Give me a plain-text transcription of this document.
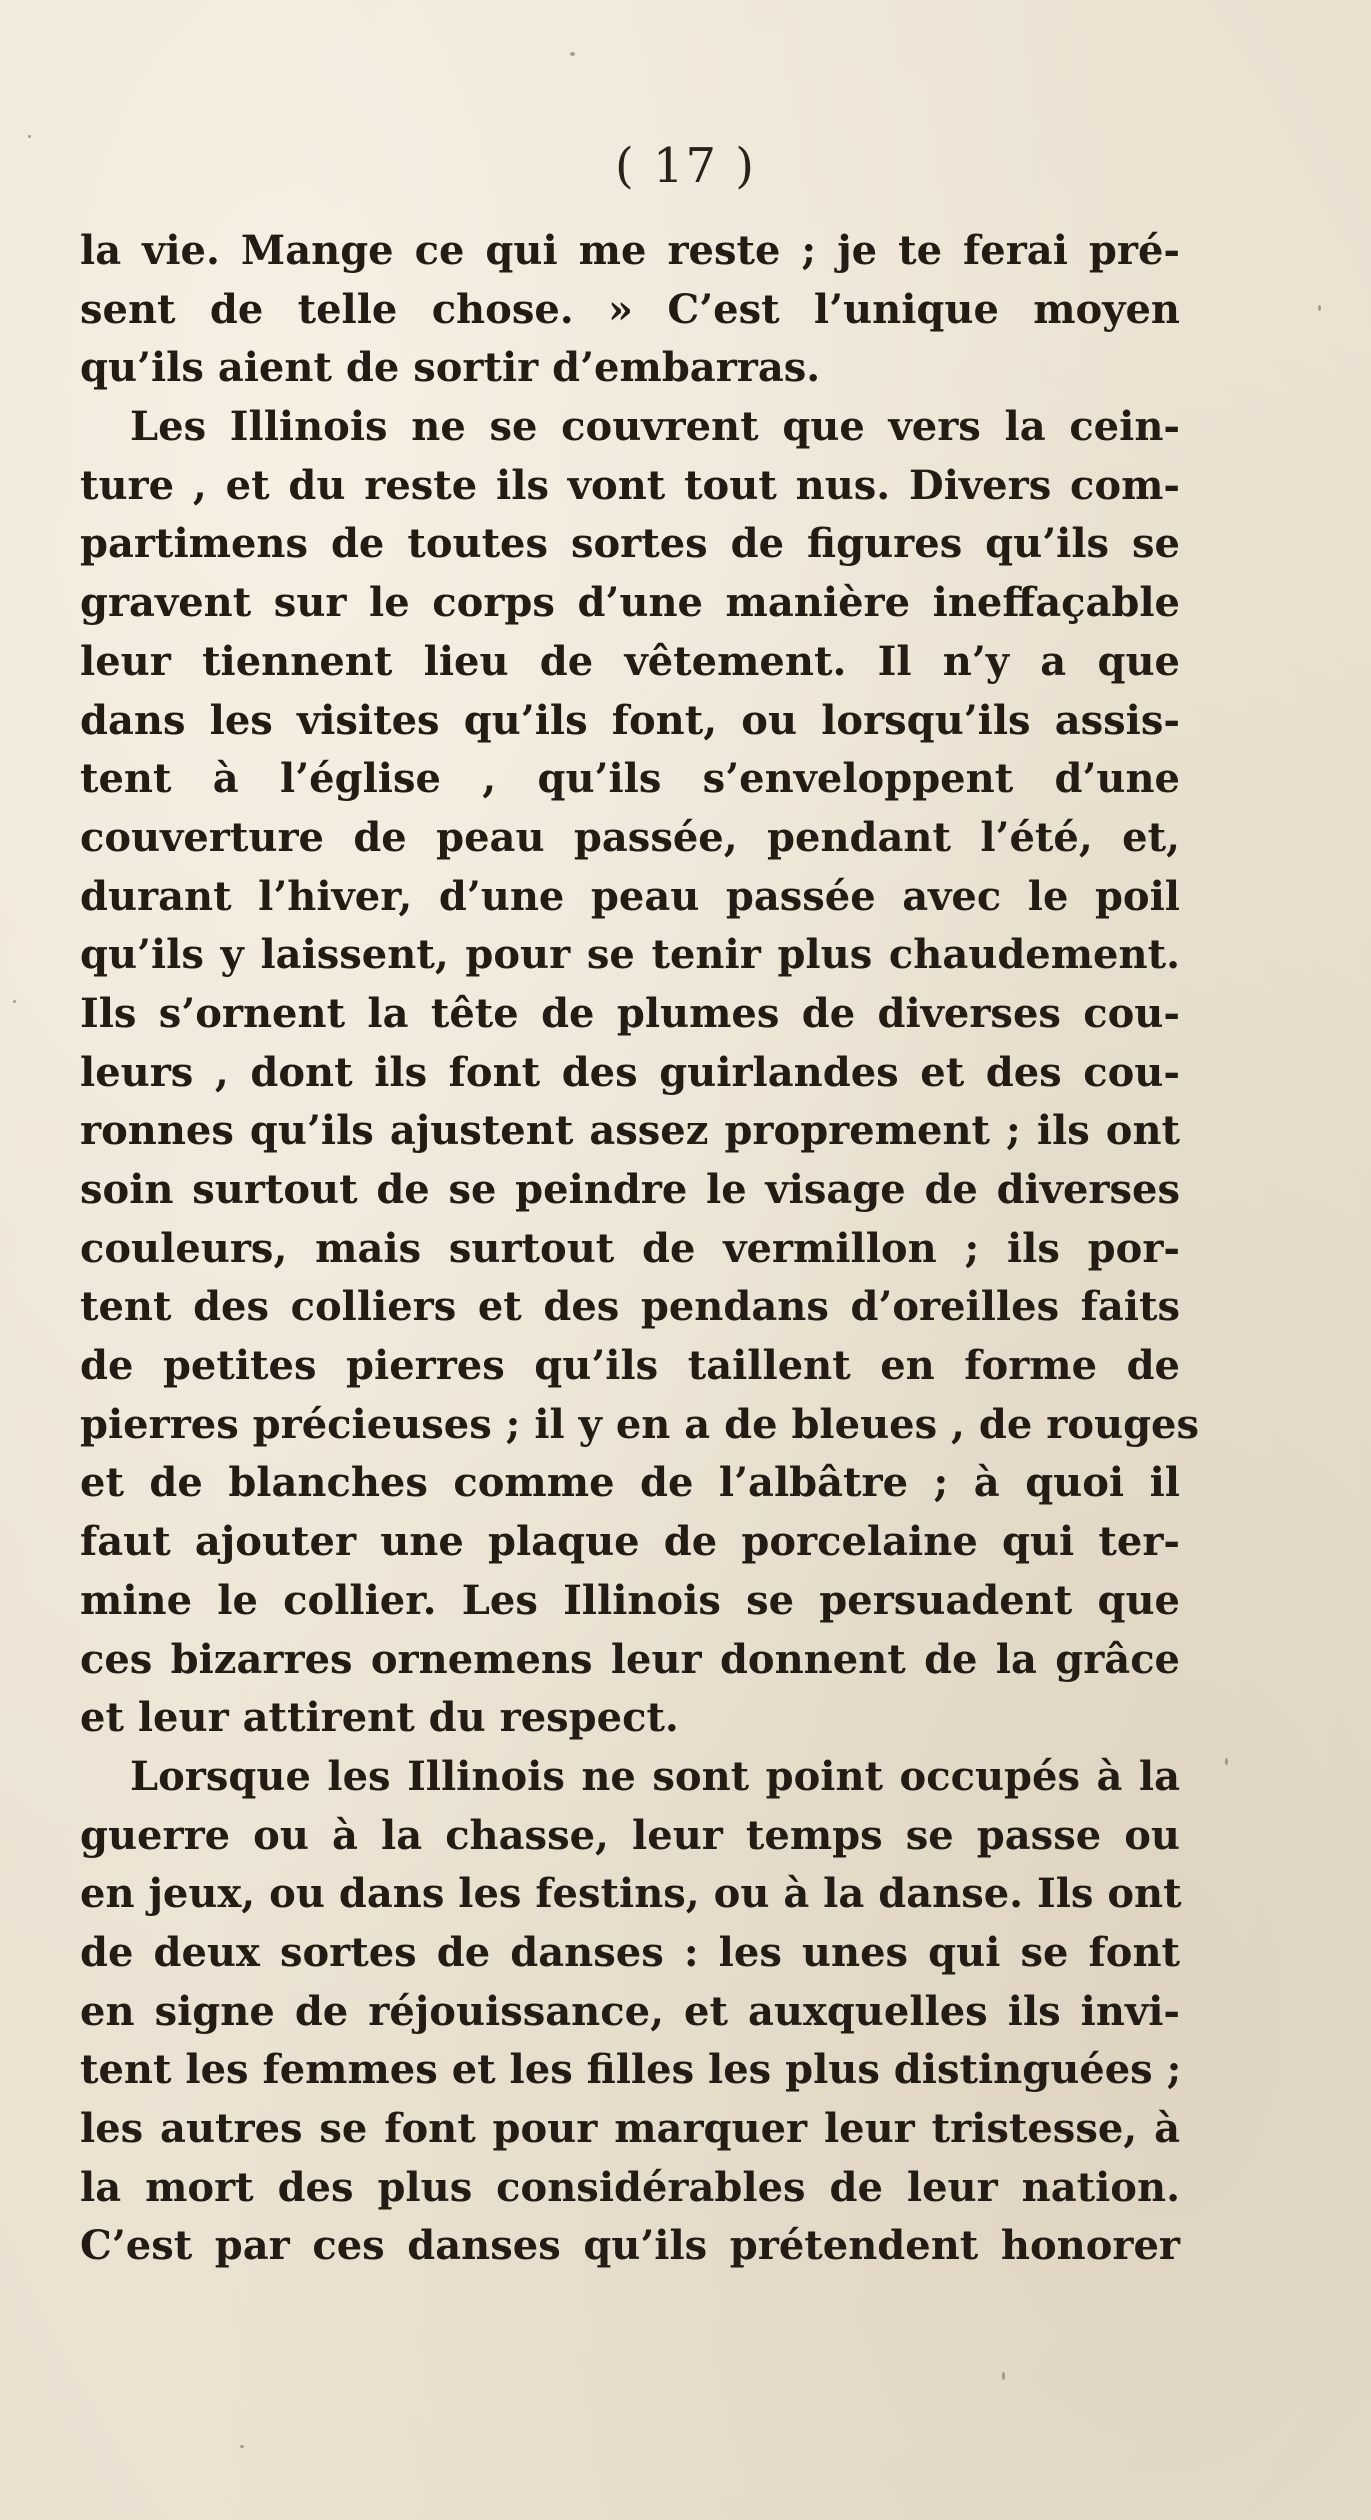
( 17 )
la vie. Mange ce qui me reste ; je te ferai pré-
sent de telle chose. » C’est l’unique moyen
qu’ils aient de sortir d’embarras.
Les Illinois ne se couvrent que vers la cein-
ture , et du reste ils vont tout nus. Divers com-
partimens de toutes sortes de figures qu’ils se
gravent sur le corps d’une manière ineffaçable
leur tiennent lieu de vêtement. Il n’y a que
dans les visites qu’ils font, ou lorsqu’ils assis-
tent à l’église , qu’ils s’enveloppent d’une
couverture de peau passée, pendant l’été, et,
durant l’hiver, d’une peau passée avec le poil
qu’ils y laissent, pour se tenir plus chaudement.
Ils s’ornent la tête de plumes de diverses cou-
leurs , dont ils font des guirlandes et des cou-
ronnes qu’ils ajustent assez proprement ; ils ont
soin surtout de se peindre le visage de diverses
couleurs, mais surtout de vermillon ; ils por-
tent des colliers et des pendans d’oreilles faits
de petites pierres qu’ils taillent en forme de
pierres précieuses ; il y en a de bleues , de rouges
et de blanches comme de l’albâtre ; à quoi il
faut ajouter une plaque de porcelaine qui ter-
mine le collier. Les Illinois se persuadent que
ces bizarres ornemens leur donnent de la grâce
et leur attirent du respect.
Lorsque les Illinois ne sont point occupés à la
guerre ou à la chasse, leur temps se passe ou
en jeux, ou dans les festins, ou à la danse. Ils ont
de deux sortes de danses : les unes qui se font
en signe de réjouissance, et auxquelles ils invi-
tent les femmes et les filles les plus distinguées ;
les autres se font pour marquer leur tristesse, à
la mort des plus considérables de leur nation.
C’est par ces danses qu’ils prétendent honorer
